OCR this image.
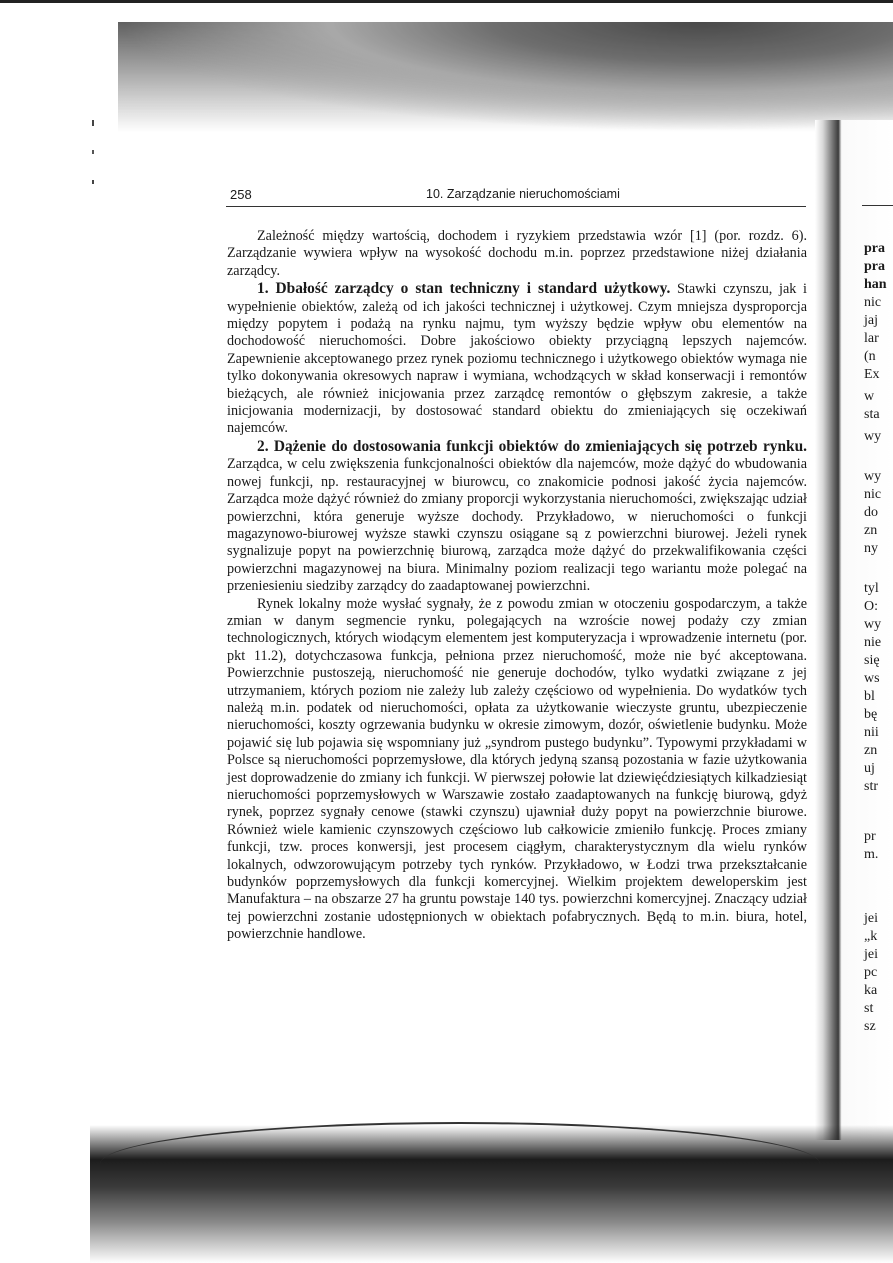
258	10. Zarządzanie nieruchomościami

Zależność między wartością, dochodem i ryzykiem przedstawia wzór [1] (por. rozdz. 6). Zarządzanie wywiera wpływ na wysokość dochodu m.in. poprzez przedstawione niżej działania zarządcy.

1. Dbałość zarządcy o stan techniczny i standard użytkowy. Stawki czynszu, jak i wypełnienie obiektów, zależą od ich jakości technicznej i użytkowej. Czym mniejsza dysproporcja między popytem i podażą na rynku najmu, tym wyższy będzie wpływ obu elementów na dochodowość nieruchomości. Dobre jakościowo obiekty przyciągną lepszych najemców. Zapewnienie akceptowanego przez rynek poziomu technicznego i użytkowego obiektów wymaga nie tylko dokonywania okresowych napraw i wymiana, wchodzących w skład konserwacji i remontów bieżących, ale również inicjowania przez zarządcę remontów o głębszym zakresie, a także inicjowania modernizacji, by dostosować standard obiektu do zmieniających się oczekiwań najemców.

2. Dążenie do dostosowania funkcji obiektów do zmieniających się potrzeb rynku. Zarządca, w celu zwiększenia funkcjonalności obiektów dla najemców, może dążyć do wbudowania nowej funkcji, np. restauracyjnej w biurowcu, co znakomicie podnosi jakość życia najemców. Zarządca może dążyć również do zmiany proporcji wykorzystania nieruchomości, zwiększając udział powierzchni, która generuje wyższe dochody. Przykładowo, w nieruchomości o funkcji magazynowo-biurowej wyższe stawki czynszu osiągane są z powierzchni biurowej. Jeżeli rynek sygnalizuje popyt na powierzchnię biurową, zarządca może dążyć do przekwalifikowania części powierzchni magazynowej na biura. Minimalny poziom realizacji tego wariantu może polegać na przeniesieniu siedziby zarządcy do zaadaptowanej powierzchni.

Rynek lokalny może wysłać sygnały, że z powodu zmian w otoczeniu gospodarczym, a także zmian w danym segmencie rynku, polegających na wzroście nowej podaży czy zmian technologicznych, których wiodącym elementem jest komputeryzacja i wprowadzenie internetu (por. pkt 11.2), dotychczasowa funkcja, pełniona przez nieruchomość, może nie być akceptowana. Powierzchnie pustoszeją, nieruchomość nie generuje dochodów, tylko wydatki związane z jej utrzymaniem, których poziom nie zależy lub zależy częściowo od wypełnienia. Do wydatków tych należą m.in. podatek od nieruchomości, opłata za użytkowanie wieczyste gruntu, ubezpieczenie nieruchomości, koszty ogrzewania budynku w okresie zimowym, dozór, oświetlenie budynku. Może pojawić się lub pojawia się wspomniany już „syndrom pustego budynku”. Typowymi przykładami w Polsce są nieruchomości poprzemysłowe, dla których jedyną szansą pozostania w fazie użytkowania jest doprowadzenie do zmiany ich funkcji. W pierwszej połowie lat dziewięćdziesiątych kilkadziesiąt nieruchomości poprzemysłowych w Warszawie zostało zaadaptowanych na funkcję biurową, gdyż rynek, poprzez sygnały cenowe (stawki czynszu) ujawniał duży popyt na powierzchnie biurowe. Również wiele kamienic czynszowych częściowo lub całkowicie zmieniło funkcję. Proces zmiany funkcji, tzw. proces konwersji, jest procesem ciągłym, charakterystycznym dla wielu rynków lokalnych, odwzorowującym potrzeby tych rynków. Przykładowo, w Łodzi trwa przekształcanie budynków poprzemysłowych dla funkcji komercyjnej. Wielkim projektem deweloperskim jest Manufaktura – na obszarze 27 ha gruntu powstaje 140 tys. powierzchni komercyjnej. Znaczący udział tej powierzchni zostanie udostępnionych w obiektach pofabrycznych. Będą to m.in. biura, hotel, powierzchnie handlowe.

pra
pra
han
nic
jaj
lar
(n
Ex
w
sta
wy
wy
nic
do
zn
ny
tyl
O:
wy
nie
się
ws
bl
bę
nii
zn
uj
str
pr
m.
jei
„k
jei
pc
ka
st
sz
